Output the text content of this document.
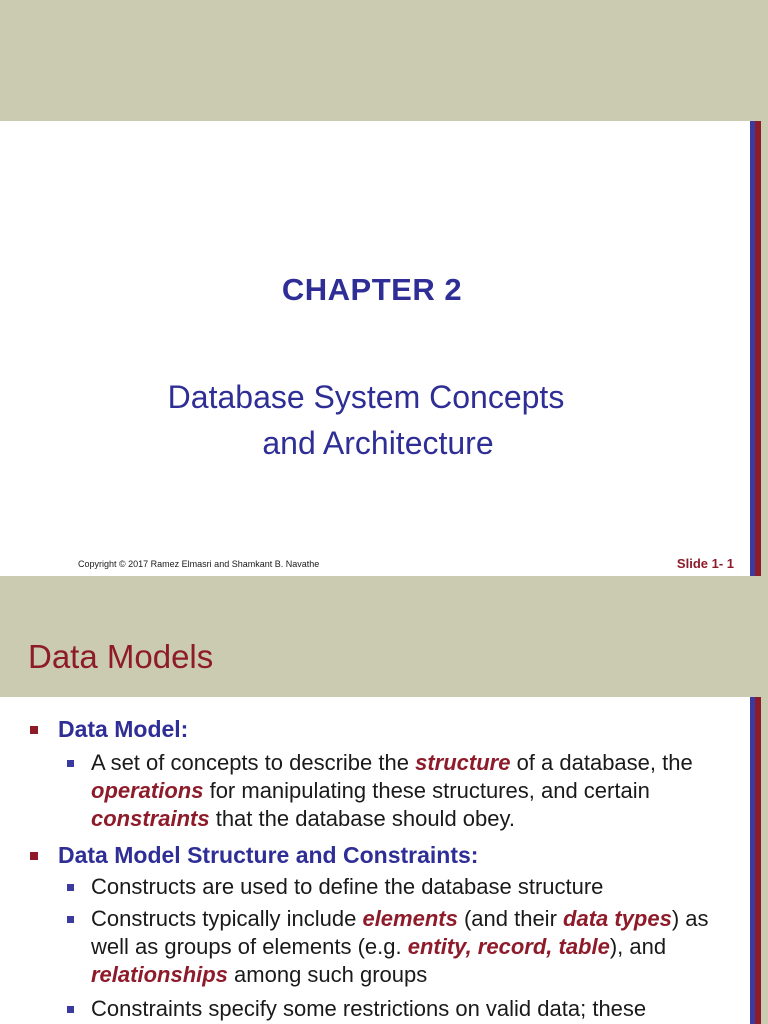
CHAPTER 2
Database System Concepts
and Architecture
Copyright © 2017 Ramez Elmasri and Shamkant B. Navathe	Slide 1- 1
Data Models
Data Model:
A set of concepts to describe the structure of a database, the operations for manipulating these structures, and certain constraints that the database should obey.
Data Model Structure and Constraints:
Constructs are used to define the database structure
Constructs typically include elements (and their data types) as well as groups of elements (e.g. entity, record, table), and relationships among such groups
Constraints specify some restrictions on valid data; these
